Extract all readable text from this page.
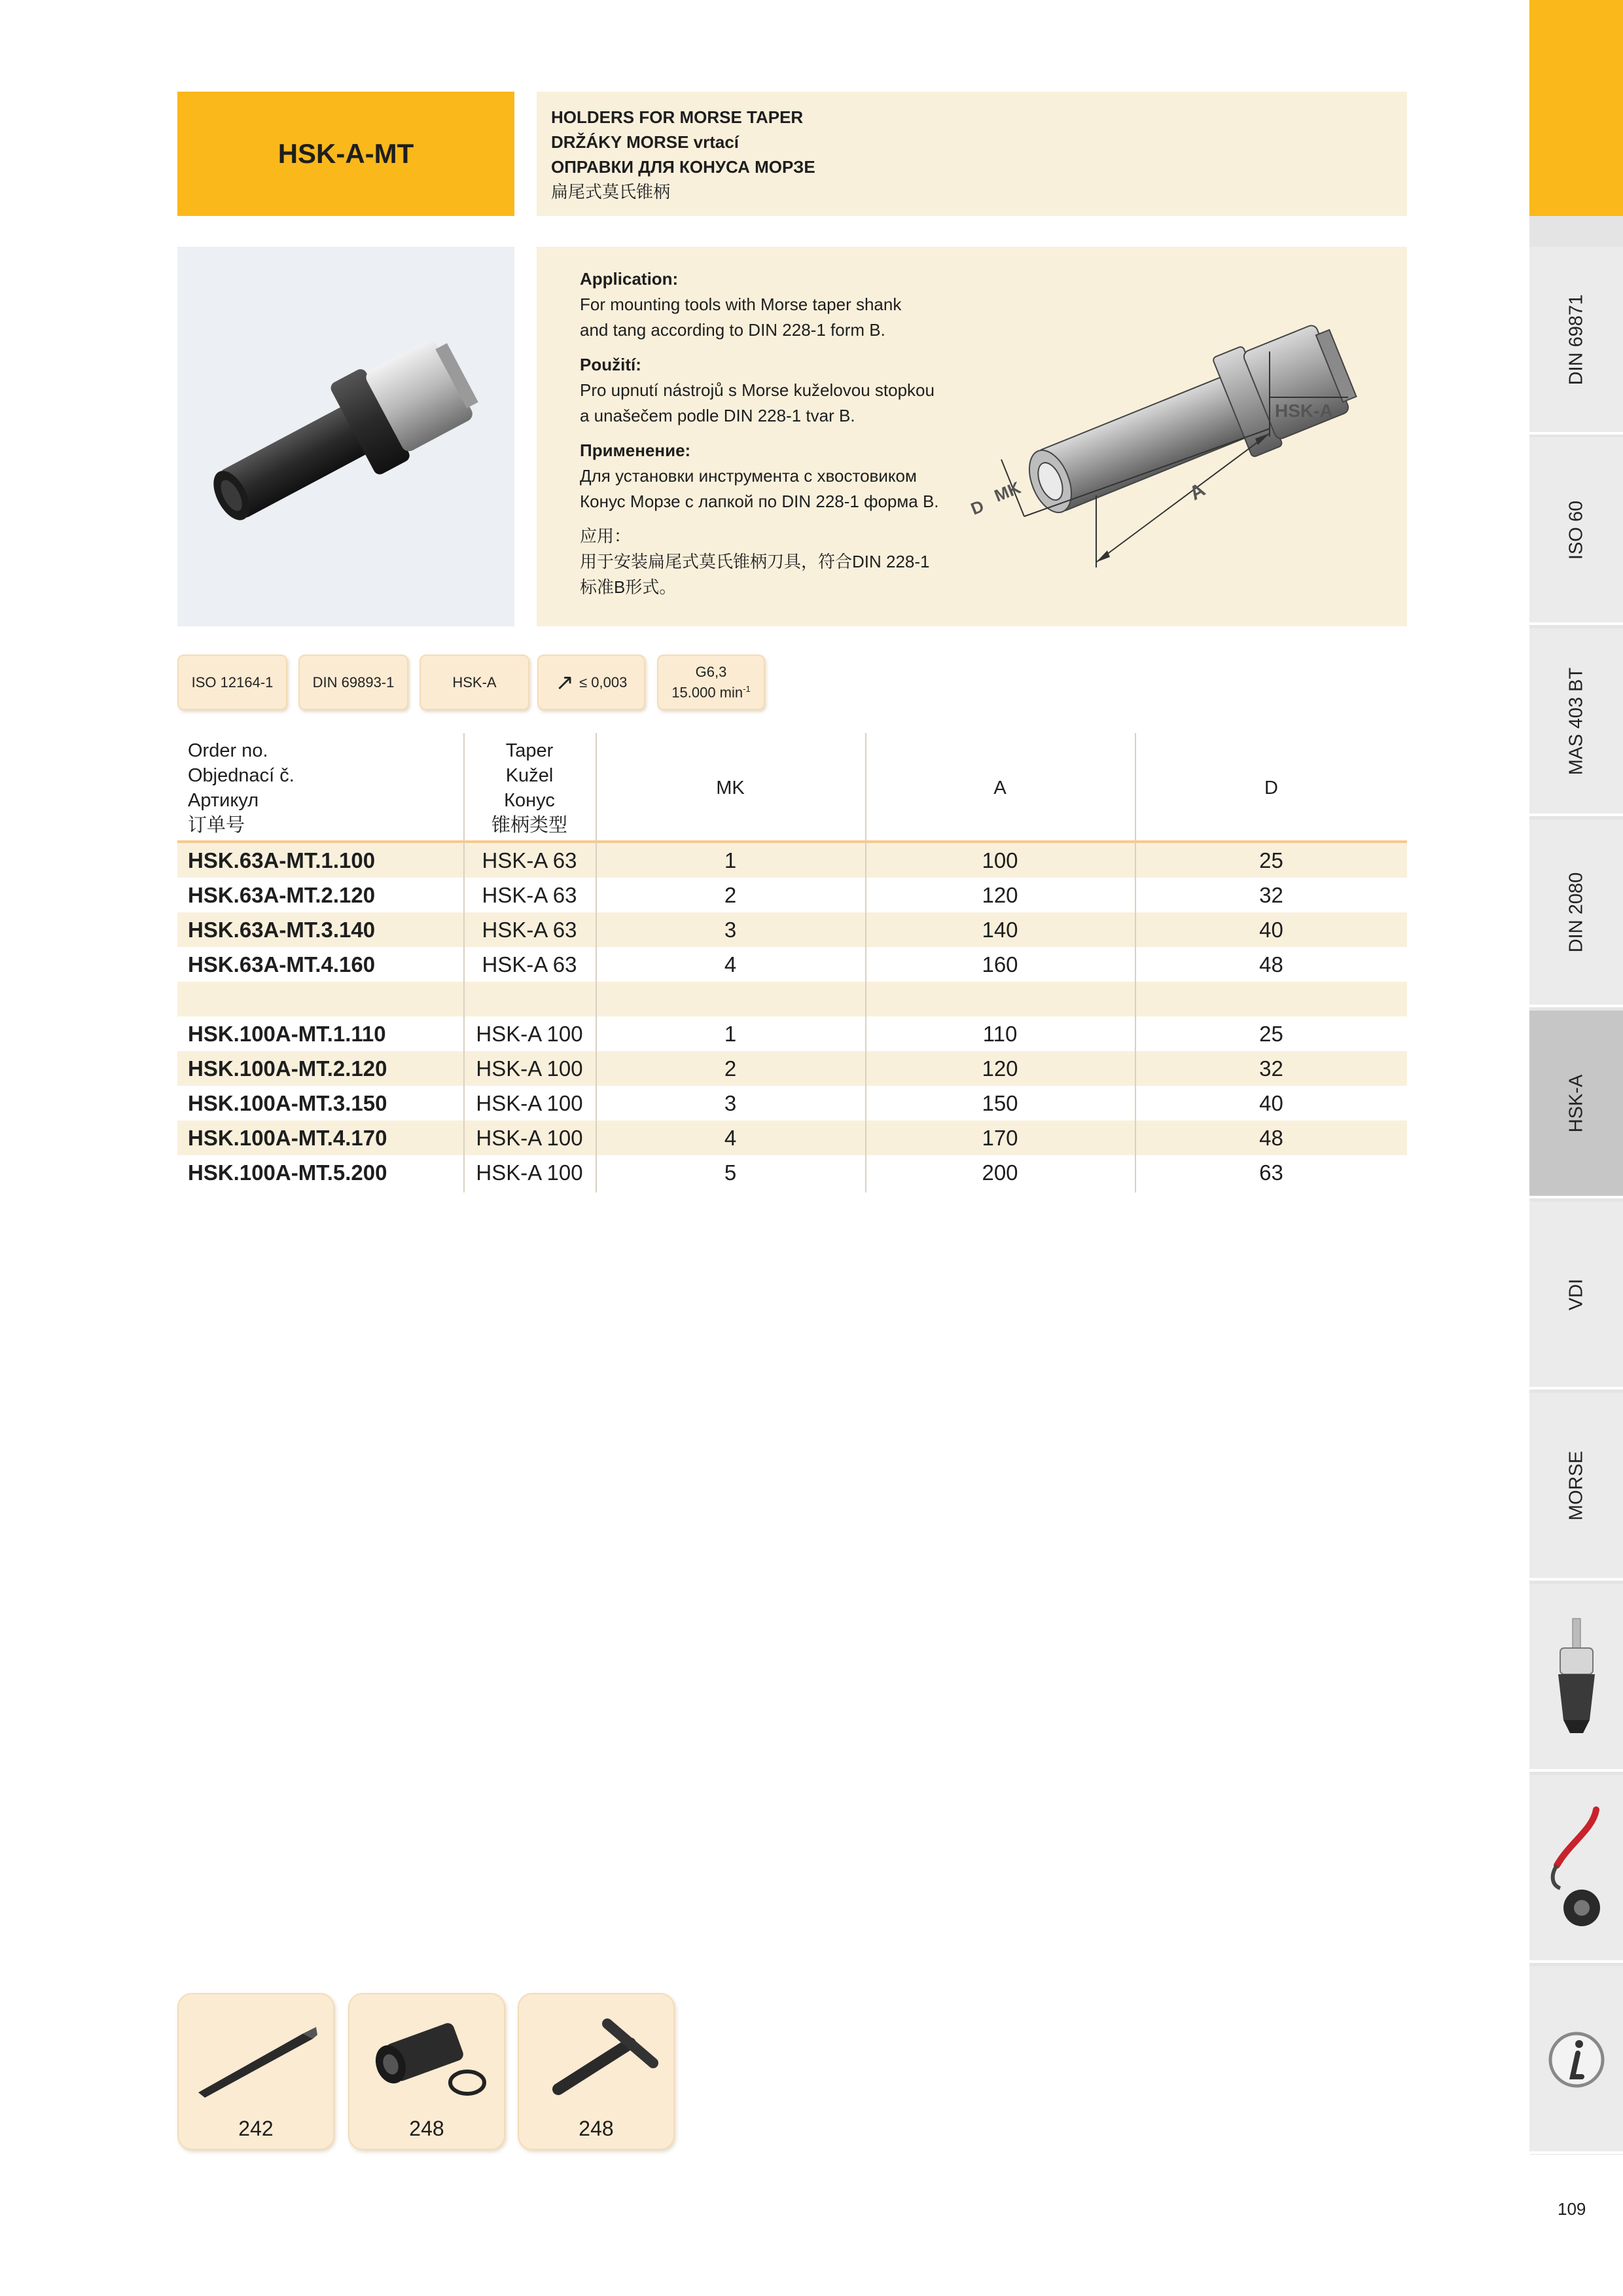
HSK-A-MT
HOLDERS FOR MORSE TAPER
DRŽÁKY MORSE vrtací
ОПРАВКИ ДЛЯ КОНУСА МОРЗЕ
扁尾式莫氏锥柄
Application:
For mounting tools with Morse taper shank
and tang according to DIN 228-1 form B.
Použití:
Pro upnutí nástrojů s Morse kuželovou stopkou
a unašečem podle DIN 228-1 tvar B.
Применение:
Для установки инструмента с хвостовиком
Конус Морзе с лапкой по DIN 228-1 форма B.
应用：
用于安装扁尾式莫氏锥柄刀具，符合DIN 228-1标准B形式。
A
D
MK
HSK-A
ISO 12164-1	DIN 69893-1	HSK-A	↗ ≤ 0,003
G6,3
15.000 $\min^{-1}$
Order no.
Objednací č.
Артикул
订单号
Taper
Kužel
Конус
锥柄类型
MK	A	D
HSK.63A-MT.1.100	HSK-A 63	1	100	25
HSK.63A-MT.2.120	HSK-A 63	2	120	32
HSK.63A-MT.3.140	HSK-A 63	3	140	40
HSK.63A-MT.4.160	HSK-A 63	4	160	48
HSK.100A-MT.1.110	HSK-A 100	1	110	25
HSK.100A-MT.2.120	HSK-A 100	2	120	32
HSK.100A-MT.3.150	HSK-A 100	3	150	40
HSK.100A-MT.4.170	HSK-A 100	4	170	48
HSK.100A-MT.5.200	HSK-A 100	5	200	63
242	248	248
DIN 69871
ISO 60
MAS 403 BT
DIN 2080
HSK-A
VDI
MORSE
109
